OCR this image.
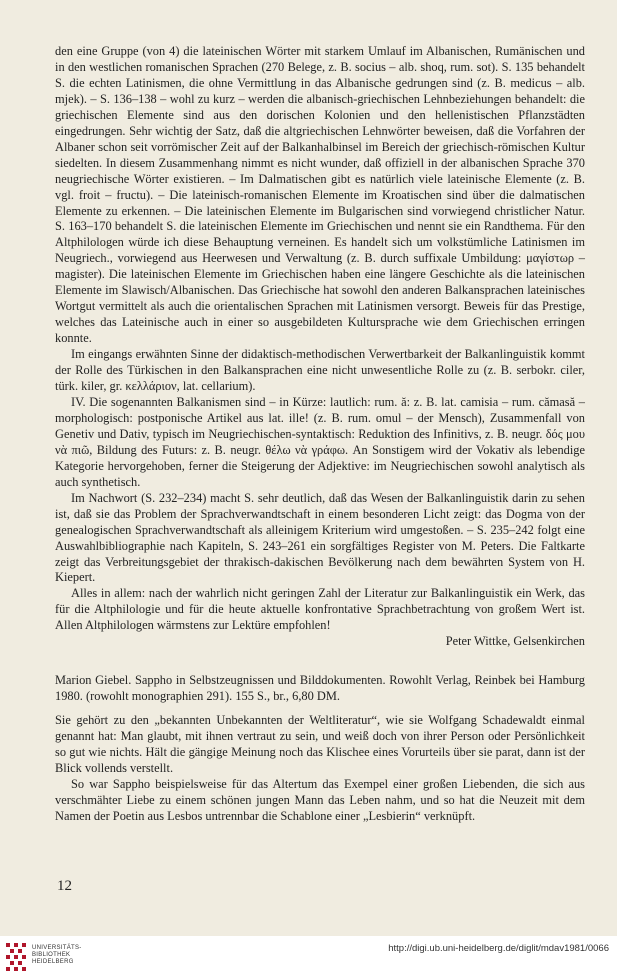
den eine Gruppe (von 4) die lateinischen Wörter mit starkem Umlauf im Albanischen, Rumänischen und in den westlichen romanischen Sprachen (270 Belege, z. B. socius – alb. shoq, rum. sot). S. 135 behandelt S. die echten Latinismen, die ohne Vermittlung in das Albanische gedrungen sind (z. B. medicus – alb. mjek). – S. 136–138 – wohl zu kurz – werden die albanisch-griechischen Lehnbeziehungen behandelt: die griechischen Elemente sind aus den dorischen Kolonien und den hellenistischen Pflanzstädten eingedrungen. Sehr wichtig der Satz, daß die altgriechischen Lehnwörter beweisen, daß die Vorfahren der Albaner schon seit vorrömischer Zeit auf der Balkanhalbinsel im Bereich der griechisch-römischen Kultur siedelten. In diesem Zusammenhang nimmt es nicht wunder, daß offiziell in der albanischen Sprache 370 neugriechische Wörter existieren. – Im Dalmatischen gibt es natürlich viele lateinische Elemente (z. B. vgl. froit – fructu). – Die lateinisch-romanischen Elemente im Kroatischen sind über die dalmatischen Elemente zu erkennen. – Die lateinischen Elemente im Bulgarischen sind vorwiegend christlicher Natur. S. 163–170 behandelt S. die lateinischen Elemente im Griechischen und nennt sie ein Randthema. Für den Altphilologen würde ich diese Behauptung verneinen. Es handelt sich um volkstümliche Latinismen im Neugriech., vorwiegend aus Heerwesen und Verwaltung (z. B. durch suffixale Umbildung: μαγίστωρ – magister). Die lateinischen Elemente im Griechischen haben eine längere Geschichte als die lateinischen Elemente im Slawisch/Albanischen. Das Griechische hat sowohl den anderen Balkansprachen lateinisches Wortgut vermittelt als auch die orientalischen Sprachen mit Latinismen versorgt. Beweis für das Prestige, welches das Lateinische auch in einer so ausgebildeten Kultursprache wie dem Griechischen erringen konnte.

Im eingangs erwähnten Sinne der didaktisch-methodischen Verwertbarkeit der Balkanlinguistik kommt der Rolle des Türkischen in den Balkansprachen eine nicht unwesentliche Rolle zu (z. B. serbokr. ciler, türk. kiler, gr. κελλάριον, lat. cellarium).

IV. Die sogenannten Balkanismen sind – in Kürze: lautlich: rum. ă: z. B. lat. camisia – rum. cămasă – morphologisch: postponische Artikel aus lat. ille! (z. B. rum. omul – der Mensch), Zusammenfall von Genetiv und Dativ, typisch im Neugriechischen-syntaktisch: Reduktion des Infinitivs, z. B. neugr. δός μου νὰ πιῶ, Bildung des Futurs: z. B. neugr. θέλω νὰ γράφω. An Sonstigem wird der Vokativ als lebendige Kategorie hervorgehoben, ferner die Steigerung der Adjektive: im Neugriechischen sowohl analytisch als auch synthetisch.

Im Nachwort (S. 232–234) macht S. sehr deutlich, daß das Wesen der Balkanlinguistik darin zu sehen ist, daß sie das Problem der Sprachverwandtschaft in einem besonderen Licht zeigt: das Dogma von der genealogischen Sprachverwandtschaft als alleinigem Kriterium wird umgestoßen. – S. 235–242 folgt eine Auswahlbibliographie nach Kapiteln, S. 243–261 ein sorgfältiges Register von M. Peters. Die Faltkarte zeigt das Verbreitungsgebiet der thrakisch-dakischen Bevölkerung nach dem bewährten System von H. Kiepert.

Alles in allem: nach der wahrlich nicht geringen Zahl der Literatur zur Balkanlinguistik ein Werk, das für die Altphilologie und für die heute aktuelle konfrontative Sprachbetrachtung von großem Wert ist. Allen Altphilologen wärmstens zur Lektüre empfohlen!

Peter Wittke, Gelsenkirchen

Marion Giebel. Sappho in Selbstzeugnissen und Bilddokumenten. Rowohlt Verlag, Reinbek bei Hamburg 1980. (rowohlt monographien 291). 155 S., br., 6,80 DM.

Sie gehört zu den „bekannten Unbekannten der Weltliteratur“, wie sie Wolfgang Schadewaldt einmal genannt hat: Man glaubt, mit ihnen vertraut zu sein, und weiß doch von ihrer Person oder Persönlichkeit so gut wie nichts. Hält die gängige Meinung noch das Klischee eines Vorurteils über sie parat, dann ist der Blick vollends verstellt.

So war Sappho beispielsweise für das Altertum das Exempel einer großen Liebenden, die sich aus verschmähter Liebe zu einem schönen jungen Mann das Leben nahm, und so hat die Neuzeit mit dem Namen der Poetin aus Lesbos untrennbar die Schablone einer „Lesbierin“ verknüpft.

12
UNIVERSITÄTS-
BIBLIOTHEK
HEIDELBERG
http://digi.ub.uni-heidelberg.de/diglit/mdav1981/0066
